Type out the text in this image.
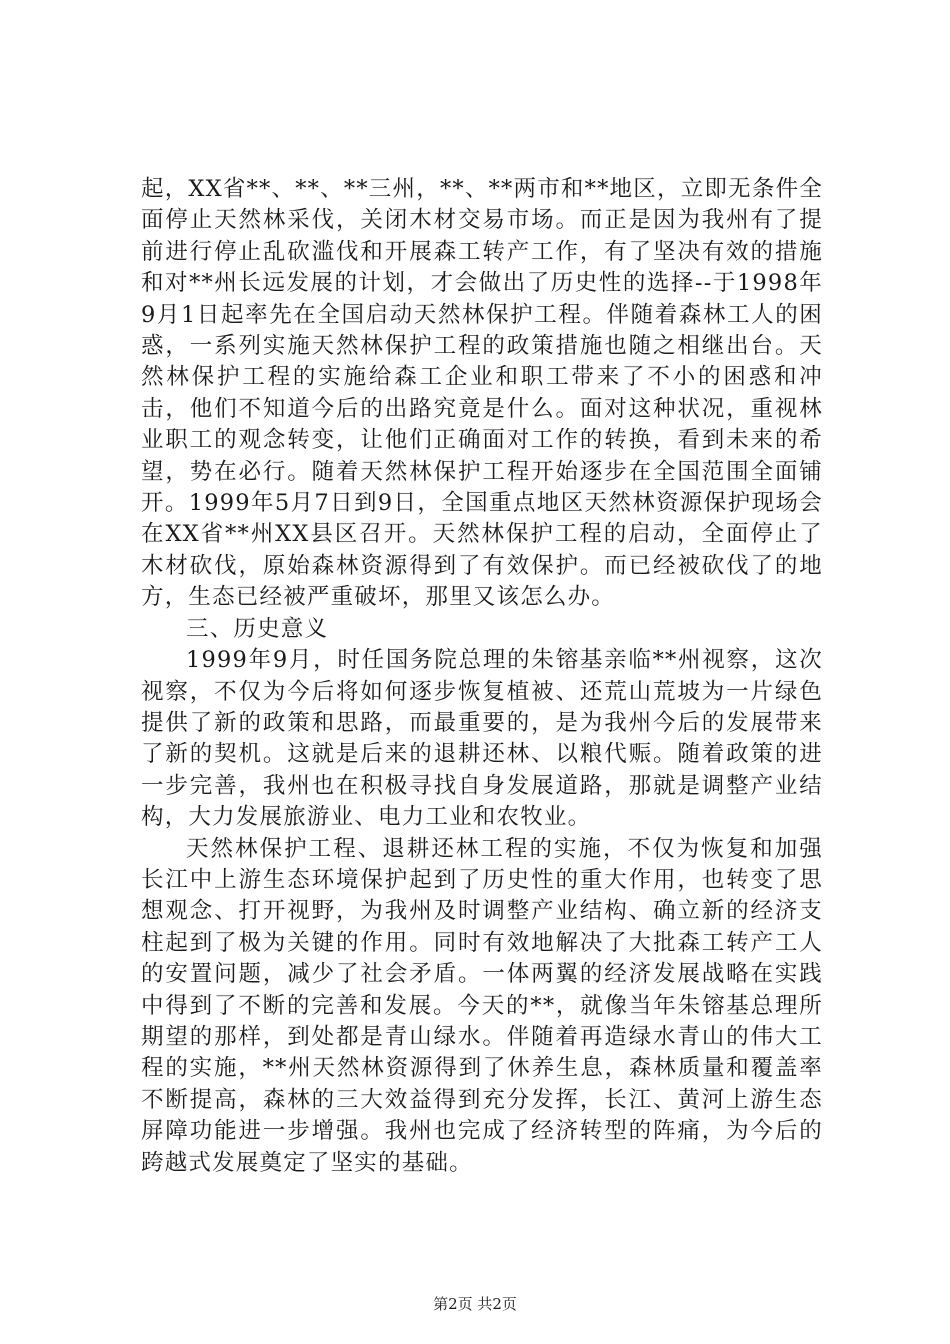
起，XX省**、**、**三州，**、**两市和**地区，立即无条件全面停止天然林采伐，关闭木材交易市场。而正是因为我州有了提前进行停止乱砍滥伐和开展森工转产工作，有了坚决有效的措施和对**州长远发展的计划，才会做出了历史性的选择--于1998年9月1日起率先在全国启动天然林保护工程。伴随着森林工人的困惑，一系列实施天然林保护工程的政策措施也随之相继出台。天然林保护工程的实施给森工企业和职工带来了不小的困惑和冲击，他们不知道今后的出路究竟是什么。面对这种状况，重视林业职工的观念转变，让他们正确面对工作的转换，看到未来的希望，势在必行。随着天然林保护工程开始逐步在全国范围全面铺开。1999年5月7日到9日，全国重点地区天然林资源保护现场会在XX省**州XX县区召开。天然林保护工程的启动，全面停止了木材砍伐，原始森林资源得到了有效保护。而已经被砍伐了的地方，生态已经被严重破坏，那里又该怎么办。

三、历史意义

1999年9月，时任国务院总理的朱镕基亲临**州视察，这次视察，不仅为今后将如何逐步恢复植被、还荒山荒坡为一片绿色提供了新的政策和思路，而最重要的，是为我州今后的发展带来了新的契机。这就是后来的退耕还林、以粮代赈。随着政策的进一步完善，我州也在积极寻找自身发展道路，那就是调整产业结构，大力发展旅游业、电力工业和农牧业。

天然林保护工程、退耕还林工程的实施，不仅为恢复和加强长江中上游生态环境保护起到了历史性的重大作用，也转变了思想观念、打开视野，为我州及时调整产业结构、确立新的经济支柱起到了极为关键的作用。同时有效地解决了大批森工转产工人的安置问题，减少了社会矛盾。一体两翼的经济发展战略在实践中得到了不断的完善和发展。今天的**，就像当年朱镕基总理所期望的那样，到处都是青山绿水。伴随着再造绿水青山的伟大工程的实施，**州天然林资源得到了休养生息，森林质量和覆盖率不断提高，森林的三大效益得到充分发挥，长江、黄河上游生态屏障功能进一步增强。我州也完成了经济转型的阵痛，为今后的跨越式发展奠定了坚实的基础。

第2页 共2页
